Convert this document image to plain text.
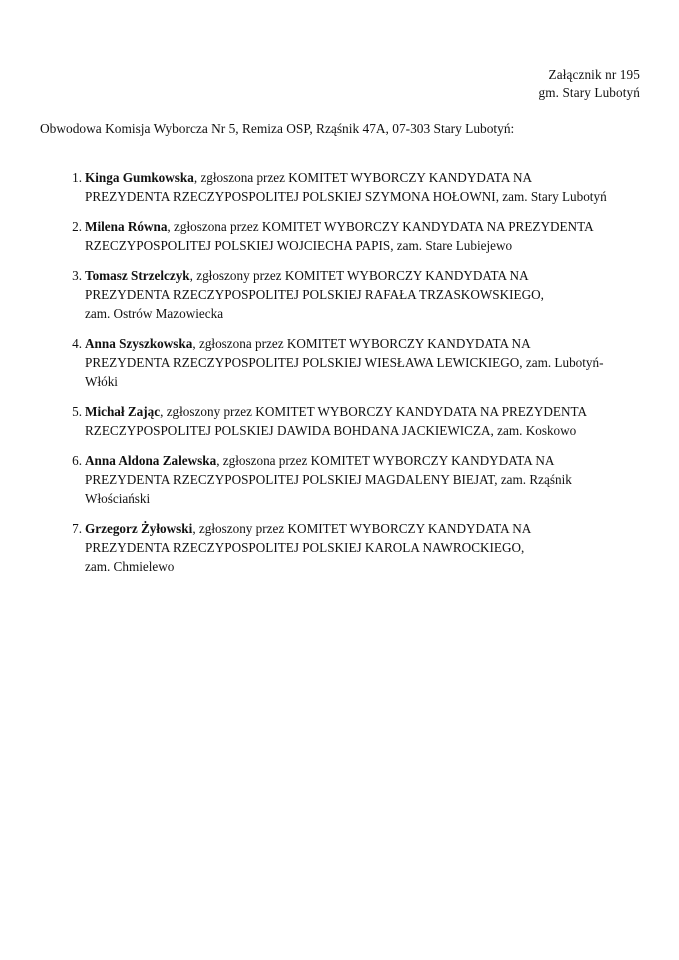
Załącznik nr 195
gm. Stary Lubotyń
Obwodowa Komisja Wyborcza Nr 5, Remiza OSP, Rząśnik 47A, 07-303 Stary Lubotyń:
1. Kinga Gumkowska, zgłoszona przez KOMITET WYBORCZY KANDYDATA NA
PREZYDENTA RZECZYPOSPOLITEJ POLSKIEJ SZYMONA HOŁOWNI, zam. Stary Lubotyń
2. Milena Równa, zgłoszona przez KOMITET WYBORCZY KANDYDATA NA PREZYDENTA
RZECZYPOSPOLITEJ POLSKIEJ WOJCIECHA PAPIS, zam. Stare Lubiejewo
3. Tomasz Strzelczyk, zgłoszony przez KOMITET WYBORCZY KANDYDATA NA
PREZYDENTA RZECZYPOSPOLITEJ POLSKIEJ RAFAŁA TRZASKOWSKIEGO,
zam. Ostrów Mazowiecka
4. Anna Szyszkowska, zgłoszona przez KOMITET WYBORCZY KANDYDATA NA
PREZYDENTA RZECZYPOSPOLITEJ POLSKIEJ WIESŁAWA LEWICKIEGO, zam. Lubotyń-
Włóki
5. Michał Zając, zgłoszony przez KOMITET WYBORCZY KANDYDATA NA PREZYDENTA
RZECZYPOSPOLITEJ POLSKIEJ DAWIDA BOHDANA JACKIEWICZA, zam. Koskowo
6. Anna Aldona Zalewska, zgłoszona przez KOMITET WYBORCZY KANDYDATA NA
PREZYDENTA RZECZYPOSPOLITEJ POLSKIEJ MAGDALENY BIEJAT, zam. Rząśnik
Włościański
7. Grzegorz Żyłowski, zgłoszony przez KOMITET WYBORCZY KANDYDATA NA
PREZYDENTA RZECZYPOSPOLITEJ POLSKIEJ KAROLA NAWROCKIEGO,
zam. Chmielewo
